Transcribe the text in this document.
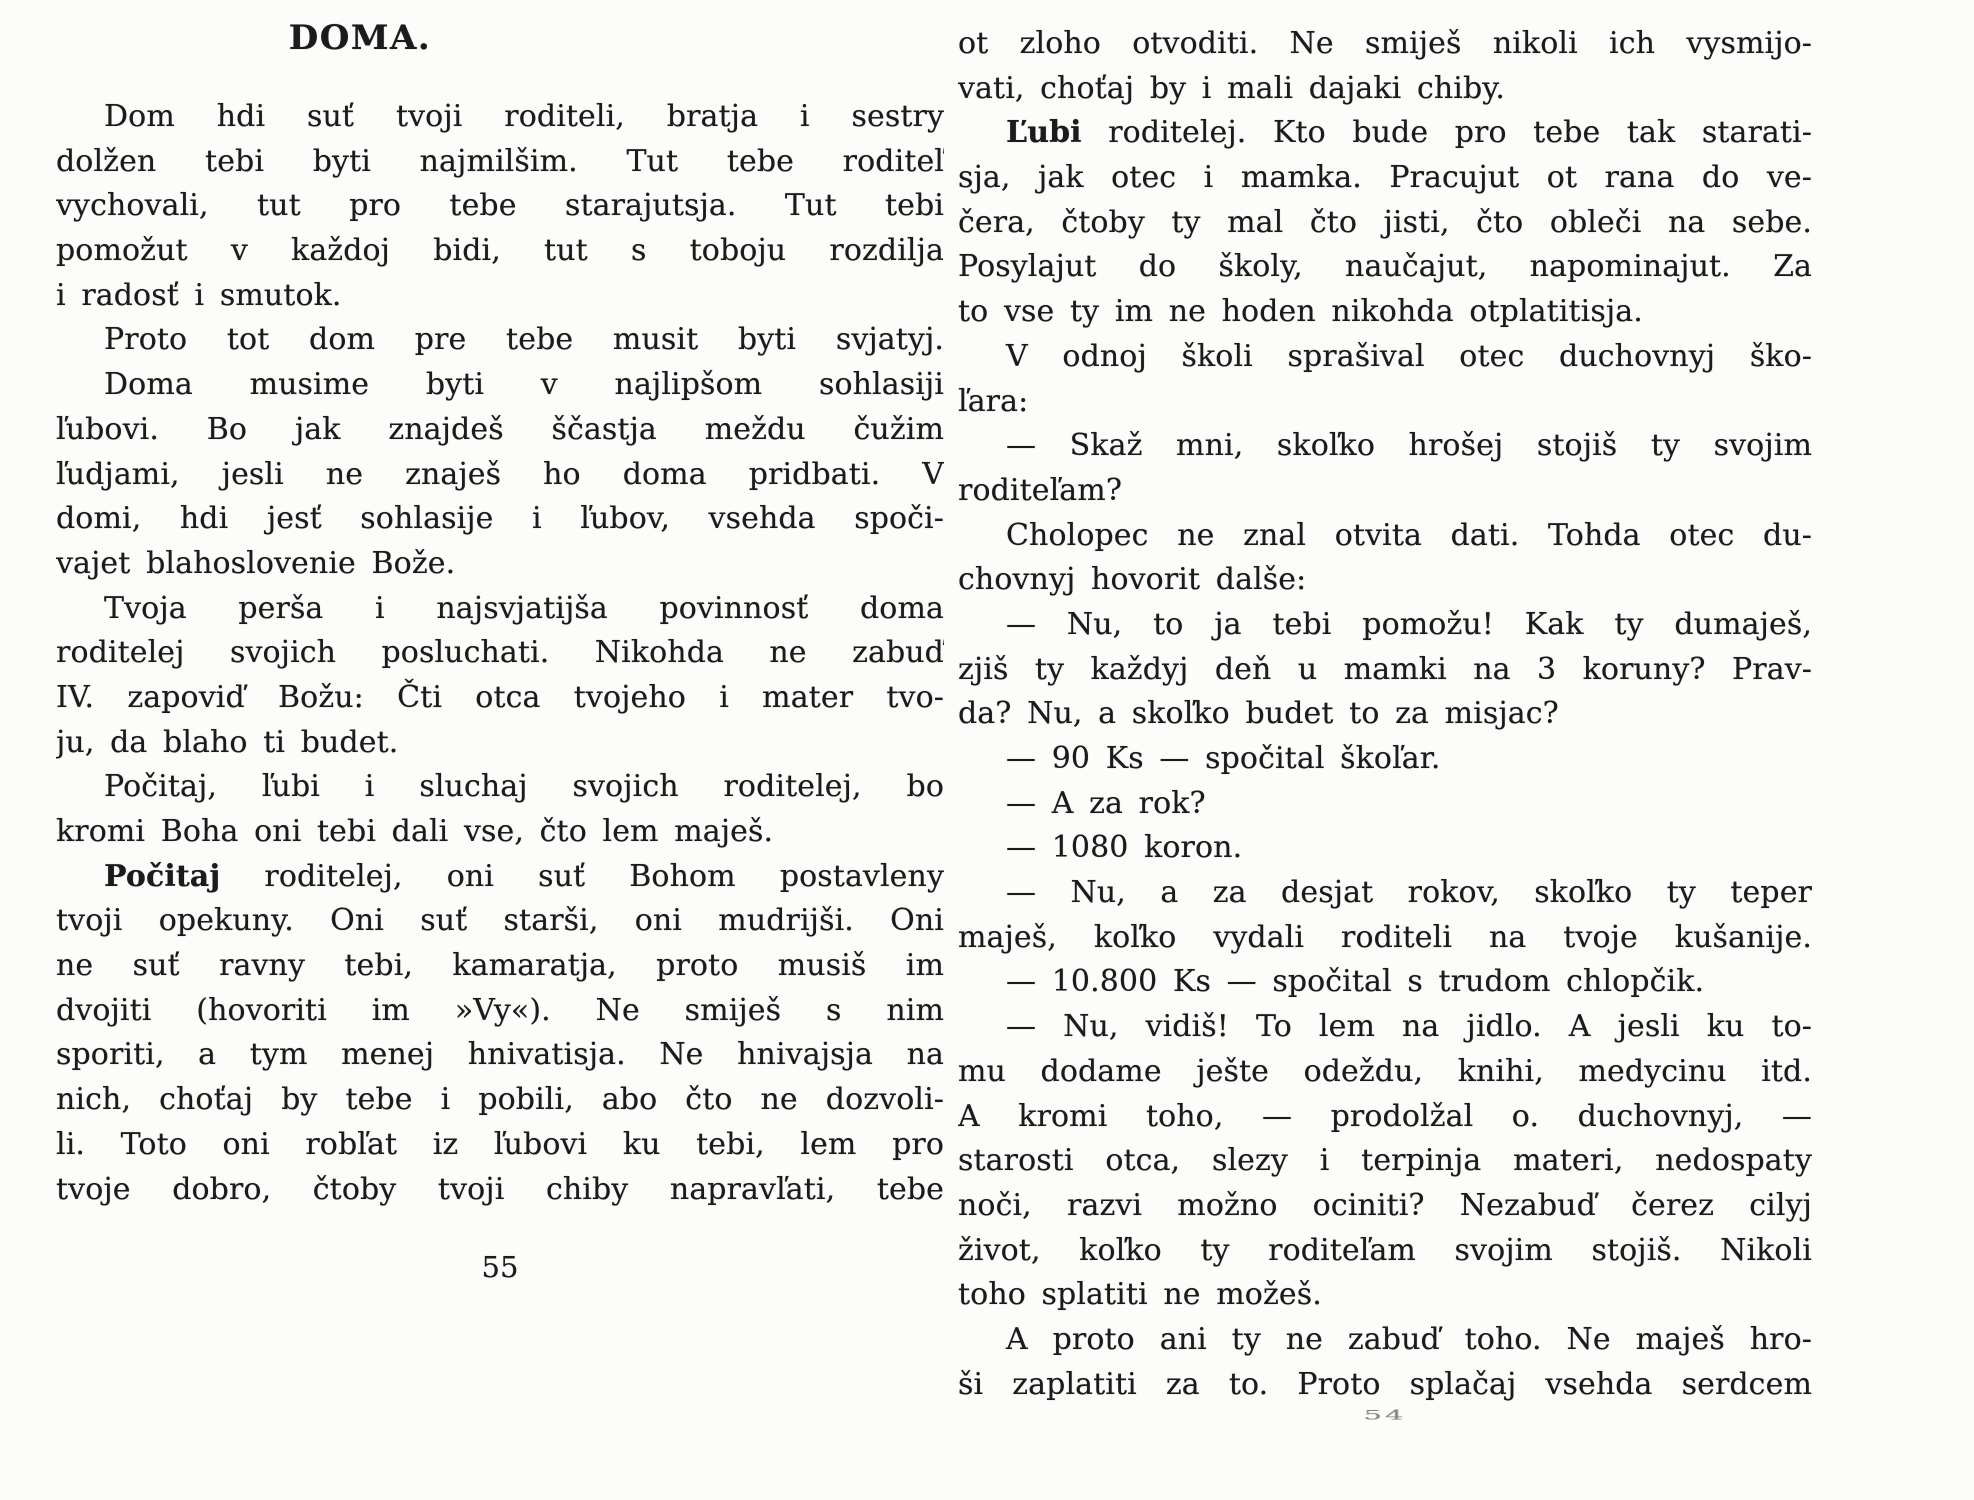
DOMA.
Dom hdi suť tvoji roditeli, bratja i sestry
dolžen tebi byti najmilšim. Tut tebe roditeľ
vychovali, tut pro tebe starajutsja. Tut tebi
pomožut v každoj bidi, tut s toboju rozdilja
i radosť i smutok.
Proto tot dom pre tebe musit byti svjatyj.
Doma musime byti v najlipšom sohlasiji
ľubovi. Bo jak znajdeš ščastja meždu čužim
ľudjami, jesli ne znaješ ho doma pridbati. V
domi, hdi jesť sohlasije i ľubov, vsehda spoči-
vajet blahoslovenie Bože.
Tvoja perša i najsvjatijša povinnosť doma
roditelej svojich posluchati. Nikohda ne zabuď
IV. zapoviď Božu: Čti otca tvojeho i mater tvo-
ju, da blaho ti budet.
Počitaj, ľubi i sluchaj svojich roditelej, bo
kromi Boha oni tebi dali vse, čto lem maješ.
Počitaj roditelej, oni suť Bohom postavleny
tvoji opekuny. Oni suť starši, oni mudrijši. Oni
ne suť ravny tebi, kamaratja, proto musiš im
dvojiti (hovoriti im »Vy«). Ne smiješ s nim
sporiti, a tym menej hnivatisja. Ne hnivajsja na
nich, choťaj by tebe i pobili, abo čto ne dozvoli-
li. Toto oni robľat iz ľubovi ku tebi, lem pro
tvoje dobro, čtoby tvoji chiby napravľati, tebe
ot zloho otvoditi. Ne smiješ nikoli ich vysmijo-
vati, choťaj by i mali dajaki chiby.
Ľubi roditelej. Kto bude pro tebe tak starati-
sja, jak otec i mamka. Pracujut ot rana do ve-
čera, čtoby ty mal čto jisti, čto obleči na sebe.
Posylajut do školy, naučajut, napominajut. Za
to vse ty im ne hoden nikohda otplatitisja.
V odnoj školi sprašival otec duchovnyj ško-
ľara:
— Skaž mni, skoľko hrošej stojiš ty svojim
roditeľam?
Cholopec ne znal otvita dati. Tohda otec du-
chovnyj hovorit dalše:
— Nu, to ja tebi pomožu! Kak ty dumaješ,
zjiš ty každyj deň u mamki na 3 koruny? Prav-
da? Nu, a skoľko budet to za misjac?
— 90 Ks — spočital škoľar.
— A za rok?
— 1080 koron.
— Nu, a za desjat rokov, skoľko ty teper
maješ, koľko vydali roditeli na tvoje kušanije.
— 10.800 Ks — spočital s trudom chlopčik.
— Nu, vidiš! To lem na jidlo. A jesli ku to-
mu dodame ješte odeždu, knihi, medycinu itd.
A kromi toho, — prodolžal o. duchovnyj, —
starosti otca, slezy i terpinja materi, nedospaty
noči, razvi možno ociniti? Nezabuď čerez cilyj
život, koľko ty roditeľam svojim stojiš. Nikoli
toho splatiti ne možeš.
A proto ani ty ne zabuď toho. Ne maješ hro-
ši zaplatiti za to. Proto splačaj vsehda serdcem
55
54
